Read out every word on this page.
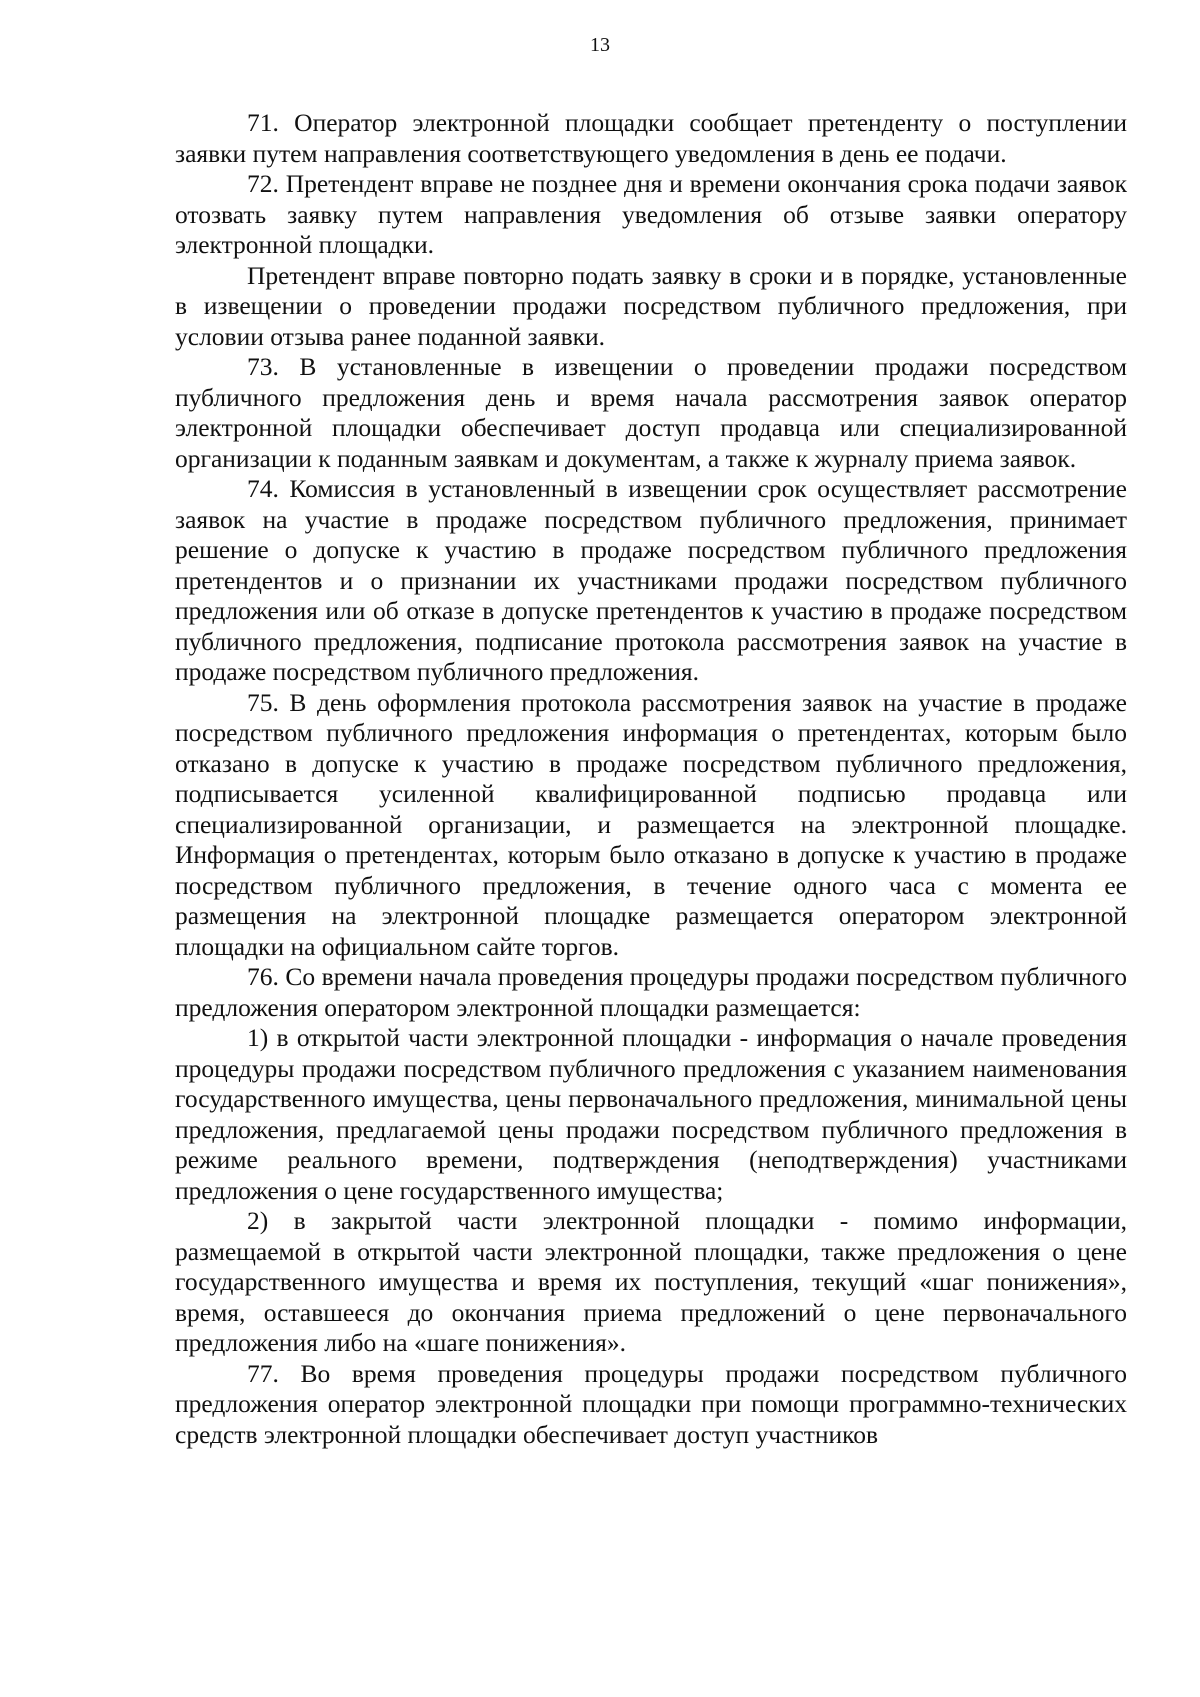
13

71. Оператор электронной площадки сообщает претенденту о поступлении заявки путем направления соответствующего уведомления в день ее подачи.

72. Претендент вправе не позднее дня и времени окончания срока подачи заявок отозвать заявку путем направления уведомления об отзыве заявки оператору электронной площадки.

Претендент вправе повторно подать заявку в сроки и в порядке, установленные в извещении о проведении продажи посредством публичного предложения, при условии отзыва ранее поданной заявки.

73. В установленные в извещении о проведении продажи посредством публичного предложения день и время начала рассмотрения заявок оператор электронной площадки обеспечивает доступ продавца или специализированной организации к поданным заявкам и документам, а также к журналу приема заявок.

74. Комиссия в установленный в извещении срок осуществляет рассмотрение заявок на участие в продаже посредством публичного предложения, принимает решение о допуске к участию в продаже посредством публичного предложения претендентов и о признании их участниками продажи посредством публичного предложения или об отказе в допуске претендентов к участию в продаже посредством публичного предложения, подписание протокола рассмотрения заявок на участие в продаже посредством публичного предложения.

75. В день оформления протокола рассмотрения заявок на участие в продаже посредством публичного предложения информация о претендентах, которым было отказано в допуске к участию в продаже посредством публичного предложения, подписывается усиленной квалифицированной подписью продавца или специализированной организации, и размещается на электронной площадке. Информация о претендентах, которым было отказано в допуске к участию в продаже посредством публичного предложения, в течение одного часа с момента ее размещения на электронной площадке размещается оператором электронной площадки на официальном сайте торгов.

76. Со времени начала проведения процедуры продажи посредством публичного предложения оператором электронной площадки размещается:

1) в открытой части электронной площадки - информация о начале проведения процедуры продажи посредством публичного предложения с указанием наименования государственного имущества, цены первоначального предложения, минимальной цены предложения, предлагаемой цены продажи посредством публичного предложения в режиме реального времени, подтверждения (неподтверждения) участниками предложения о цене государственного имущества;

2) в закрытой части электронной площадки - помимо информации, размещаемой в открытой части электронной площадки, также предложения о цене государственного имущества и время их поступления, текущий «шаг понижения», время, оставшееся до окончания приема предложений о цене первоначального предложения либо на «шаге понижения».

77. Во время проведения процедуры продажи посредством публичного предложения оператор электронной площадки при помощи программно-технических средств электронной площадки обеспечивает доступ участников
